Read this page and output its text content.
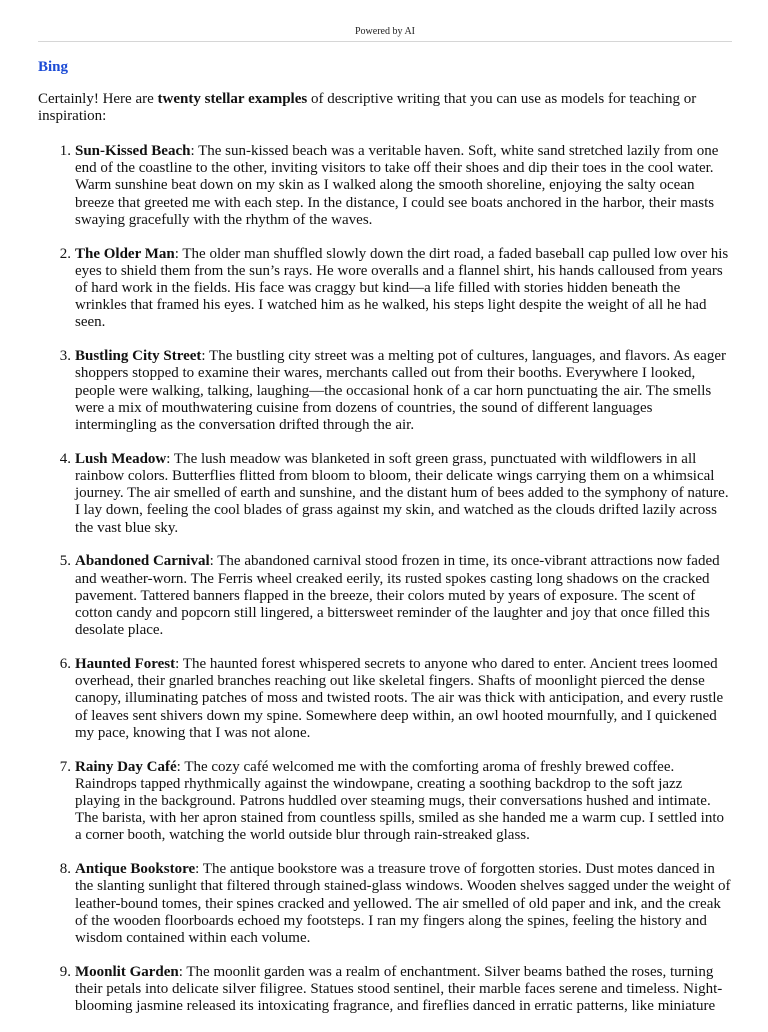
Powered by AI
Bing

Certainly! Here are twenty stellar examples of descriptive writing that you can use as models for teaching or inspiration:

1. Sun-Kissed Beach: The sun-kissed beach was a veritable haven. Soft, white sand stretched lazily from one end of the coastline to the other, inviting visitors to take off their shoes and dip their toes in the cool water. Warm sunshine beat down on my skin as I walked along the smooth shoreline, enjoying the salty ocean breeze that greeted me with each step. In the distance, I could see boats anchored in the harbor, their masts swaying gracefully with the rhythm of the waves.
2. The Older Man: The older man shuffled slowly down the dirt road, a faded baseball cap pulled low over his eyes to shield them from the sun’s rays. He wore overalls and a flannel shirt, his hands calloused from years of hard work in the fields. His face was craggy but kind—a life filled with stories hidden beneath the wrinkles that framed his eyes. I watched him as he walked, his steps light despite the weight of all he had seen.
3. Bustling City Street: The bustling city street was a melting pot of cultures, languages, and flavors. As eager shoppers stopped to examine their wares, merchants called out from their booths. Everywhere I looked, people were walking, talking, laughing—the occasional honk of a car horn punctuating the air. The smells were a mix of mouthwatering cuisine from dozens of countries, the sound of different languages intermingling as the conversation drifted through the air.
4. Lush Meadow: The lush meadow was blanketed in soft green grass, punctuated with wildflowers in all rainbow colors. Butterflies flitted from bloom to bloom, their delicate wings carrying them on a whimsical journey. The air smelled of earth and sunshine, and the distant hum of bees added to the symphony of nature. I lay down, feeling the cool blades of grass against my skin, and watched as the clouds drifted lazily across the vast blue sky.
5. Abandoned Carnival: The abandoned carnival stood frozen in time, its once-vibrant attractions now faded and weather-worn. The Ferris wheel creaked eerily, its rusted spokes casting long shadows on the cracked pavement. Tattered banners flapped in the breeze, their colors muted by years of exposure. The scent of cotton candy and popcorn still lingered, a bittersweet reminder of the laughter and joy that once filled this desolate place.
6. Haunted Forest: The haunted forest whispered secrets to anyone who dared to enter. Ancient trees loomed overhead, their gnarled branches reaching out like skeletal fingers. Shafts of moonlight pierced the dense canopy, illuminating patches of moss and twisted roots. The air was thick with anticipation, and every rustle of leaves sent shivers down my spine. Somewhere deep within, an owl hooted mournfully, and I quickened my pace, knowing that I was not alone.
7. Rainy Day Café: The cozy café welcomed me with the comforting aroma of freshly brewed coffee. Raindrops tapped rhythmically against the windowpane, creating a soothing backdrop to the soft jazz playing in the background. Patrons huddled over steaming mugs, their conversations hushed and intimate. The barista, with her apron stained from countless spills, smiled as she handed me a warm cup. I settled into a corner booth, watching the world outside blur through rain-streaked glass.
8. Antique Bookstore: The antique bookstore was a treasure trove of forgotten stories. Dust motes danced in the slanting sunlight that filtered through stained-glass windows. Wooden shelves sagged under the weight of leather-bound tomes, their spines cracked and yellowed. The air smelled of old paper and ink, and the creak of the wooden floorboards echoed my footsteps. I ran my fingers along the spines, feeling the history and wisdom contained within each volume.
9. Moonlit Garden: The moonlit garden was a realm of enchantment. Silver beams bathed the roses, turning their petals into delicate silver filigree. Statues stood sentinel, their marble faces serene and timeless. Night-blooming jasmine released its intoxicating fragrance, and fireflies danced in erratic patterns, like miniature
